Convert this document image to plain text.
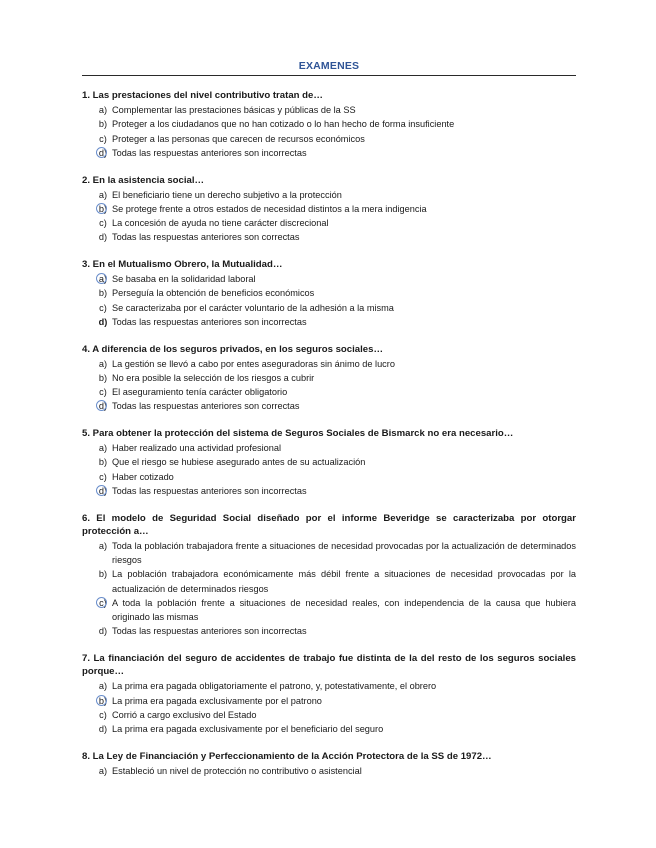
EXAMENES
1. Las prestaciones del nivel contributivo tratan de…
a) Complementar las prestaciones básicas y públicas de la SS
b) Proteger a los ciudadanos que no han cotizado o lo han hecho de forma insuficiente
c) Proteger a las personas que carecen de recursos económicos
d) Todas las respuestas anteriores son incorrectas
2. En la asistencia social…
a) El beneficiario tiene un derecho subjetivo a la protección
b) Se protege frente a otros estados de necesidad distintos a la mera indigencia
c) La concesión de ayuda no tiene carácter discrecional
d) Todas las respuestas anteriores son correctas
3. En el Mutualismo Obrero, la Mutualidad…
a) Se basaba en la solidaridad laboral
b) Perseguía la obtención de beneficios económicos
c) Se caracterizaba por el carácter voluntario de la adhesión a la misma
d) Todas las respuestas anteriores son incorrectas
4. A diferencia de los seguros privados, en los seguros sociales…
a) La gestión se llevó a cabo por entes aseguradoras sin ánimo de lucro
b) No era posible la selección de los riesgos a cubrir
c) El aseguramiento tenía carácter obligatorio
d) Todas las respuestas anteriores son correctas
5. Para obtener la protección del sistema de Seguros Sociales de Bismarck no era necesario…
a) Haber realizado una actividad profesional
b) Que el riesgo se hubiese asegurado antes de su actualización
c) Haber cotizado
d) Todas las respuestas anteriores son incorrectas
6. El modelo de Seguridad Social diseñado por el informe Beveridge se caracterizaba por otorgar protección a…
a) Toda la población trabajadora frente a situaciones de necesidad provocadas por la actualización de determinados riesgos
b) La población trabajadora económicamente más débil frente a situaciones de necesidad provocadas por la actualización de determinados riesgos
c) A toda la población frente a situaciones de necesidad reales, con independencia de la causa que hubiera originado las mismas
d) Todas las respuestas anteriores son incorrectas
7. La financiación del seguro de accidentes de trabajo fue distinta de la del resto de los seguros sociales porque…
a) La prima era pagada obligatoriamente el patrono, y, potestativamente, el obrero
b) La prima era pagada exclusivamente por el patrono
c) Corrió a cargo exclusivo del Estado
d) La prima era pagada exclusivamente por el beneficiario del seguro
8. La Ley de Financiación y Perfeccionamiento de la Acción Protectora de la SS de 1972…
a) Estableció un nivel de protección no contributivo o asistencial
